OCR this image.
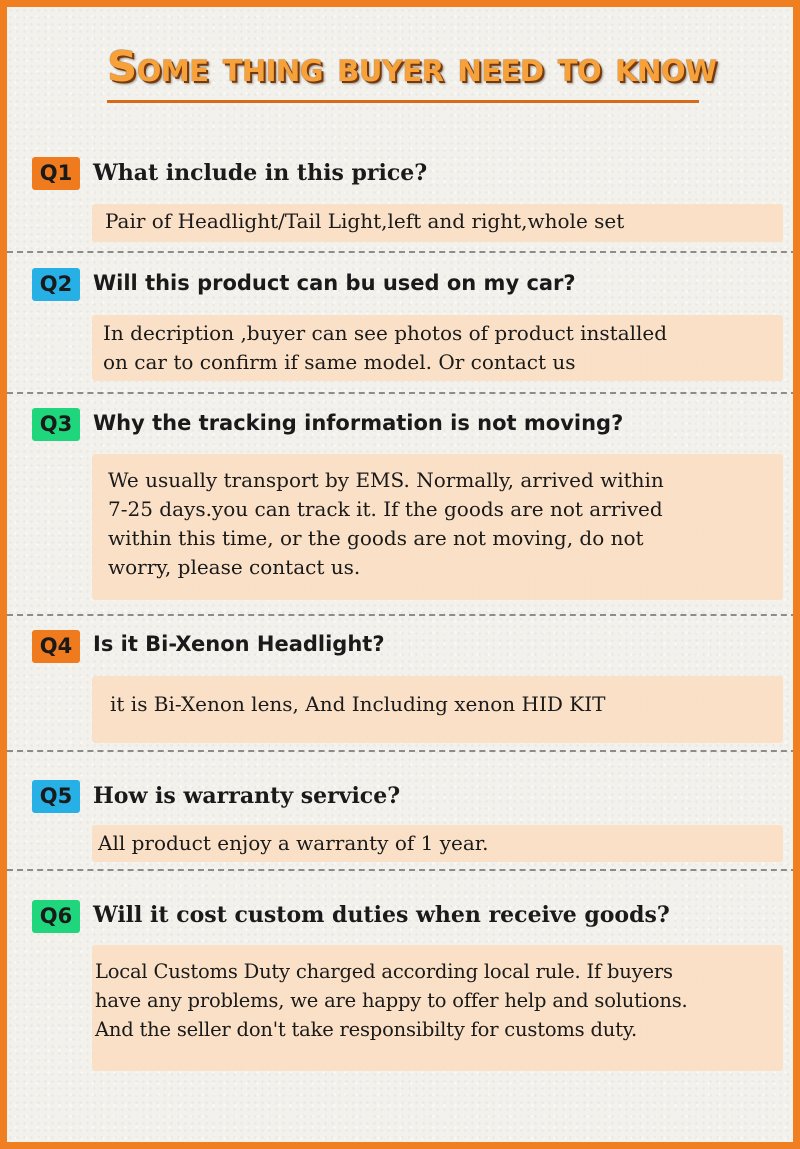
Some thing buyer need to know
Q1 What include in this price?
Pair of Headlight/Tail Light,left and right,whole set
Q2 Will this product can bu used on my car?
In decription ,buyer can see photos of product installed
on car to confirm if same model. Or contact us
Q3 Why the tracking information is not moving?
We usually transport by EMS. Normally, arrived within
7-25 days.you can track it. If the goods are not arrived
within this time, or the goods are not moving, do not
worry, please contact us.
Q4 Is it Bi-Xenon Headlight?
it is Bi-Xenon lens, And Including xenon HID KIT
Q5 How is warranty service?
All product enjoy a warranty of 1 year.
Q6 Will it cost custom duties when receive goods?
Local Customs Duty charged according local rule. If buyers
have any problems, we are happy to offer help and solutions.
And the seller don't take responsibilty for customs duty.
